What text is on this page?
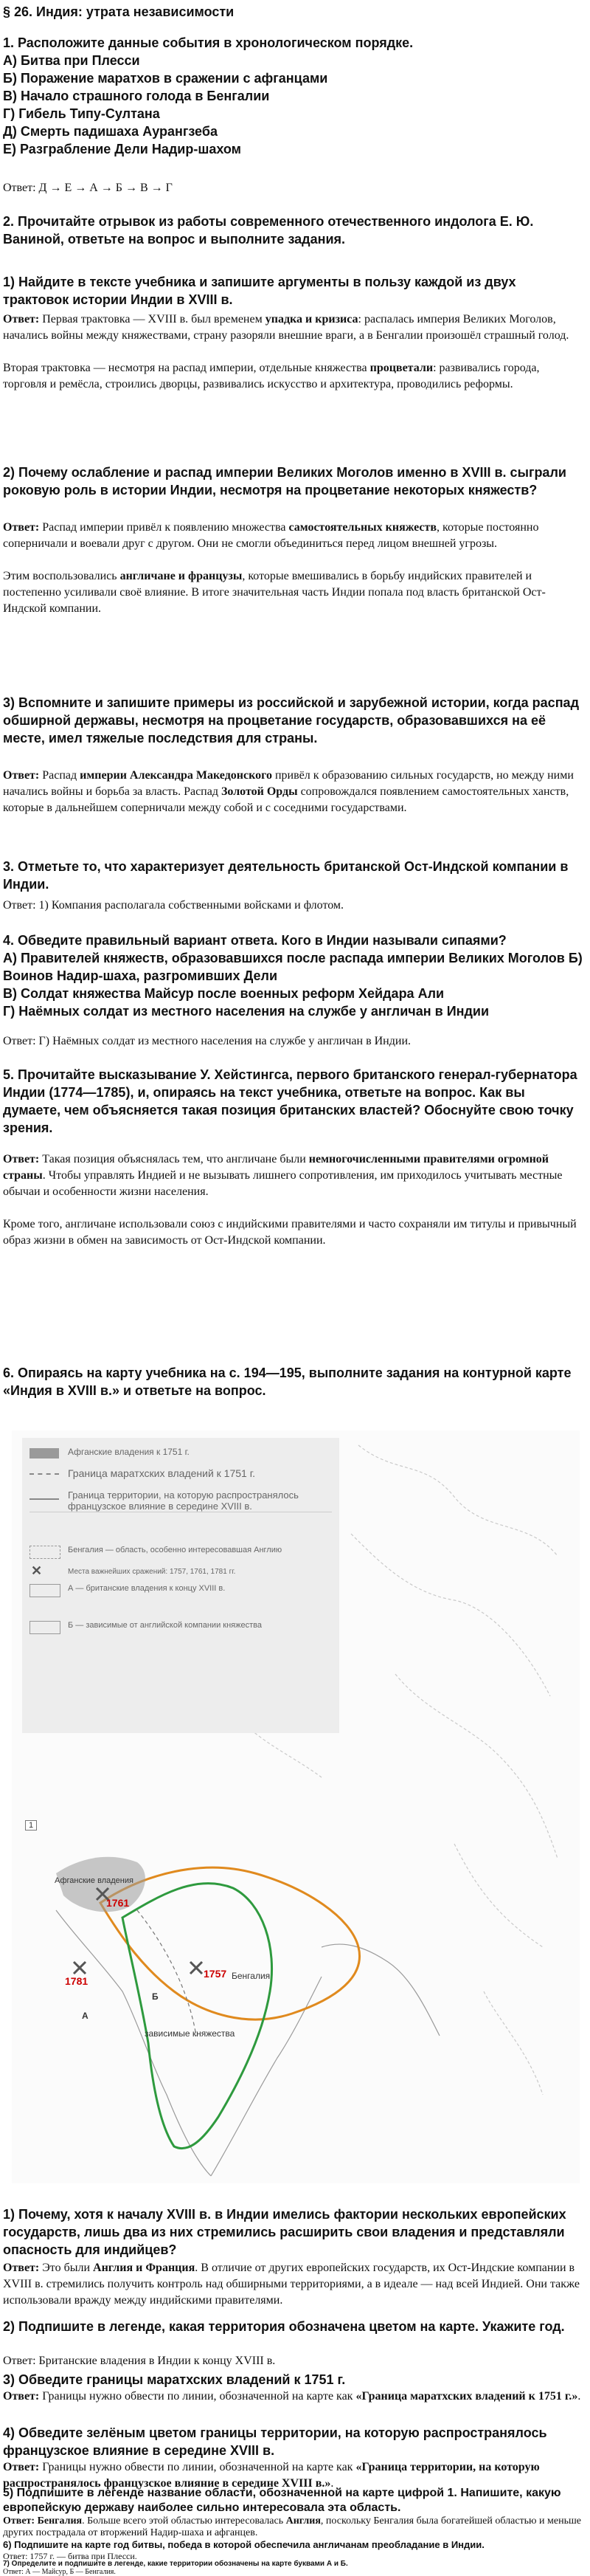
§ 26. Индия: утрата независимости

1. Расположите данные события в хронологическом порядке.

А) Битва при Плесси

Б) Поражение маратхов в сражении с афганцами

В) Начало страшного голода в Бенгалии

Г) Гибель Типу-Султана

Д) Смерть падишаха Аурангзеба

Е) Разграбление Дели Надир-шахом

Ответ: Д → Е → А → Б → В → Г
2. Прочитайте отрывок из работы современного отечественного индолога Е. Ю. Ваниной, ответьте на вопрос и выполните задания.
1) Найдите в тексте учебника и запишите аргументы в пользу каждой из двух трактовок истории Индии в XVIII в.

Ответ: Первая трактовка — XVIII в. был временем упадка и кризиса: распалась империя Великих Моголов, начались войны между княжествами, страну разоряли внешние враги, а в Бенгалии произошёл страшный голод.

Вторая трактовка — несмотря на распад империи, отдельные княжества процветали: развивались города, торговля и ремёсла, строились дворцы, развивались искусство и архитектура, проводились реформы.

2) Почему ослабление и распад империи Великих Моголов именно в XVIII в. сыграли роковую роль в истории Индии, несмотря на процветание некоторых княжеств?

Ответ: Распад империи привёл к появлению множества самостоятельных княжеств, которые постоянно соперничали и воевали друг с другом. Они не смогли объединиться перед лицом внешней угрозы.

Этим воспользовались англичане и французы, которые вмешивались в борьбу индийских правителей и постепенно усиливали своё влияние. В итоге значительная часть Индии попала под власть британской Ост-Индской компании.

3) Вспомните и запишите примеры из российской и зарубежной истории, когда распад обширной державы, несмотря на процветание государств, образовавшихся на её месте, имел тяжелые последствия для страны.

Ответ: Распад империи Александра Македонского привёл к образованию сильных государств, но между ними начались войны и борьба за власть. Распад Золотой Орды сопровождался появлением самостоятельных ханств, которые в дальнейшем соперничали между собой и с соседними государствами.

3. Отметьте то, что характеризует деятельность британской Ост-Индской компании в Индии.
Ответ: 1) Компания располагала собственными войсками и флотом.

4. Обведите правильный вариант ответа. Кого в Индии называли сипаями?

А) Правителей княжеств, образовавшихся после распада империи Великих Моголов Б) Воинов Надир-шаха, разгромивших Дели

В) Солдат княжества Майсур после военных реформ Хейдара Али

Г) Наёмных солдат из местного населения на службе у англичан в Индии

Ответ: Г) Наёмных солдат из местного населения на службе у англичан в Индии.
5. Прочитайте высказывание У. Хейстингса, первого британского генерал-губернатора Индии (1774—1785), и, опираясь на текст учебника, ответьте на вопрос. Как вы думаете, чем объясняется такая позиция британских властей? Обоснуйте свою точку зрения.

Ответ: Такая позиция объяснялась тем, что англичане были немногочисленными правителями огромной страны. Чтобы управлять Индией и не вызывать лишнего сопротивления, им приходилось учитывать местные обычаи и особенности жизни населения.

Кроме того, англичане использовали союз с индийскими правителями и часто сохраняли им титулы и привычный образ жизни в обмен на зависимость от Ост-Индской компании.

6. Опираясь на карту учебника на с. 194—195, выполните задания на контурной карте «Индия в XVIII в.» и ответьте на вопрос.
Афганские владения к 1751 г.
Граница маратхских владений к 1751 г.
Граница территории, на которую распространялось французское влияние в середине XVIII в.
Бенгалия — область, особенно интересовавшая Англию
✕	Места важнейших сражений: 1757, 1761, 1781 гг.
А — британские владения к концу XVIII в.
Б — зависимые от английской компании княжества
1
Афганские владения
1761
1781
1757 Бенгалия
зависимые княжества
А
Б
1) Почему, хотя к началу XVIII в. в Индии имелись фактории нескольких европейских государств, лишь два из них стремились расширить свои владения и представляли опасность для индийцев?

Ответ: Это были Англия и Франция. В отличие от других европейских государств, их Ост-Индские компании в XVIII в. стремились получить контроль над обширными территориями, а в идеале — над всей Индией. Они также использовали вражду между индийскими правителями.

2) Подпишите в легенде, какая территория обозначена цветом на карте. Укажите год.
Ответ: Британские владения в Индии к концу XVIII в.
3) Обведите границы маратхских владений к 1751 г.

Ответ: Границы нужно обвести по линии, обозначенной на карте как «Граница маратхских владений к 1751 г.».

4) Обведите зелёным цветом границы территории, на которую распространялось французское влияние в середине XVIII в.

Ответ: Границы нужно обвести по линии, обозначенной на карте как «Граница территории, на которую распространялось французское влияние в середине XVIII в.».

5) Подпишите в легенде название области, обозначенной на карте цифрой 1. Напишите, какую европейскую державу наиболее сильно интересовала эта область.

Ответ: Бенгалия. Больше всего этой областью интересовалась Англия, поскольку Бенгалия была богатейшей областью и меньше других пострадала от вторжений Надир-шаха и афганцев.

6) Подпишите на карте год битвы, победа в которой обеспечила англичанам преобладание в Индии.
Ответ: 1757 г. — битва при Плесси.
7) Определите и подпишите в легенде, какие территории обозначены на карте буквами А и Б.
Ответ: А — Майсур, Б — Бенгалия.
